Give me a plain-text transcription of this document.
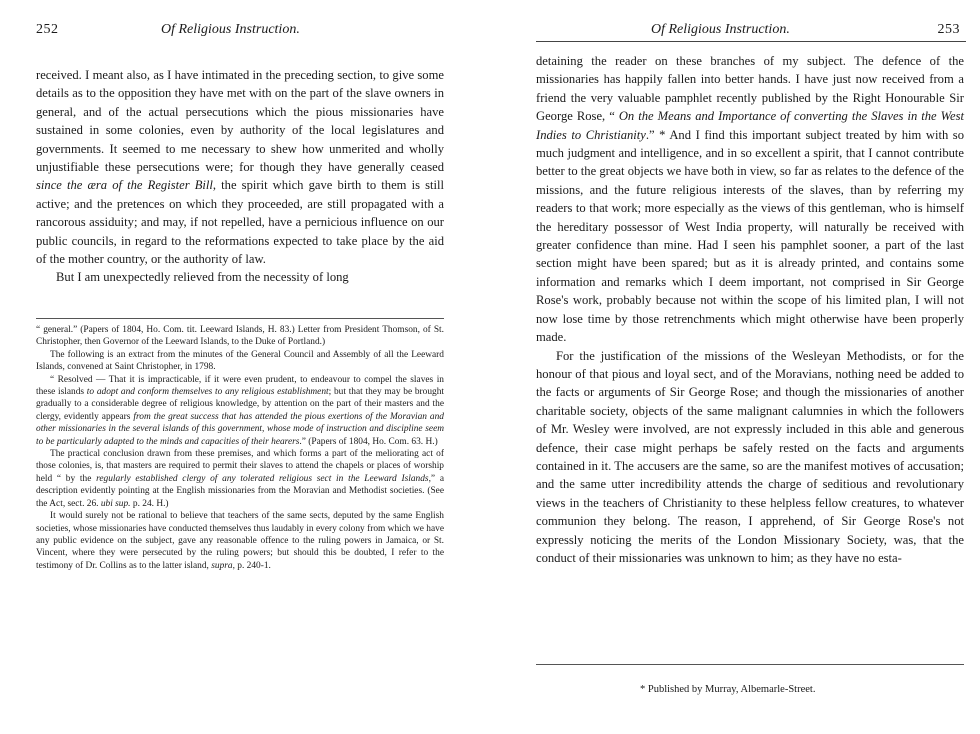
252	Of Religious Instruction.

received. I meant also, as I have intimated in the preceding section, to give some details as to the opposition they have met with on the part of the slave owners in general, and of the actual persecutions which the pious missionaries have sustained in some colonies, even by authority of the local legislatures and governments. It seemed to me necessary to shew how unmerited and wholly unjustifiable these persecutions were; for though they have generally ceased since the æra of the Register Bill, the spirit which gave birth to them is still active; and the pretences on which they proceeded, are still propagated with a rancorous assiduity; and may, if not repelled, have a pernicious influence on our public councils, in regard to the reformations expected to take place by the aid of the mother country, or the authority of law.
But I am unexpectedly relieved from the necessity of long

“ general.” (Papers of 1804, Ho. Com. tit. Leeward Islands, H. 83.) Letter from President Thomson, of St. Christopher, then Governor of the Leeward Islands, to the Duke of Portland.)

The following is an extract from the minutes of the General Council and Assembly of all the Leeward Islands, convened at Saint Christopher, in 1798.

“ Resolved — That it is impracticable, if it were even prudent, to endeavour to compel the slaves in these islands to adopt and conform themselves to any religious establishment; but that they may be brought gradually to a considerable degree of religious knowledge, by attention on the part of their masters and the clergy, evidently appears from the great success that has attended the pious exertions of the Moravian and other missionaries in the several islands of this government, whose mode of instruction and discipline seem to be particularly adapted to the minds and capacities of their hearers.” (Papers of 1804, Ho. Com. 63. H.)

The practical conclusion drawn from these premises, and which forms a part of the meliorating act of those colonies, is, that masters are required to permit their slaves to attend the chapels or places of worship held “ by the regularly established clergy of any tolerated religious sect in the Leeward Islands,” a description evidently pointing at the English missionaries from the Moravian and Methodist societies. (See the Act, sect. 26. ubi sup. p. 24. H.)

It would surely not be rational to believe that teachers of the same sects, deputed by the same English societies, whose missionaries have conducted themselves thus laudably in every colony from which we have any public evidence on the subject, gave any reasonable offence to the ruling powers in Jamaica, or St. Vincent, where they were persecuted by the ruling powers; but should this be doubted, I refer to the testimony of Dr. Collins as to the latter island, supra, p. 240-1.

Of Religious Instruction.	253

detaining the reader on these branches of my subject. The defence of the missionaries has happily fallen into better hands. I have just now received from a friend the very valuable pamphlet recently published by the Right Honourable Sir George Rose, “ On the Means and Importance of converting the Slaves in the West Indies to Christianity.” * And I find this important subject treated by him with so much judgment and intelligence, and in so excellent a spirit, that I cannot contribute better to the great objects we have both in view, so far as relates to the defence of the missions, and the future religious interests of the slaves, than by referring my readers to that work; more especially as the views of this gentleman, who is himself the hereditary possessor of West India property, will naturally be received with greater confidence than mine. Had I seen his pamphlet sooner, a part of the last section might have been spared; but as it is already printed, and contains some information and remarks which I deem important, not comprised in Sir George Rose's work, probably because not within the scope of his limited plan, I will not now lose time by those retrenchments which might otherwise have been properly made.
For the justification of the missions of the Wesleyan Methodists, or for the honour of that pious and loyal sect, and of the Moravians, nothing need be added to the facts or arguments of Sir George Rose; and though the missionaries of another charitable society, objects of the same malignant calumnies in which the followers of Mr. Wesley were involved, are not expressly included in this able and generous defence, their case might perhaps be safely rested on the facts and arguments contained in it. The accusers are the same, so are the manifest motives of accusation; and the same utter incredibility attends the charge of seditious and revolutionary views in the teachers of Christianity to these helpless fellow creatures, to whatever communion they belong. The reason, I apprehend, of Sir George Rose's not expressly noticing the merits of the London Missionary Society, was, that the conduct of their missionaries was unknown to him; as they have no esta-

* Published by Murray, Albemarle-Street.
